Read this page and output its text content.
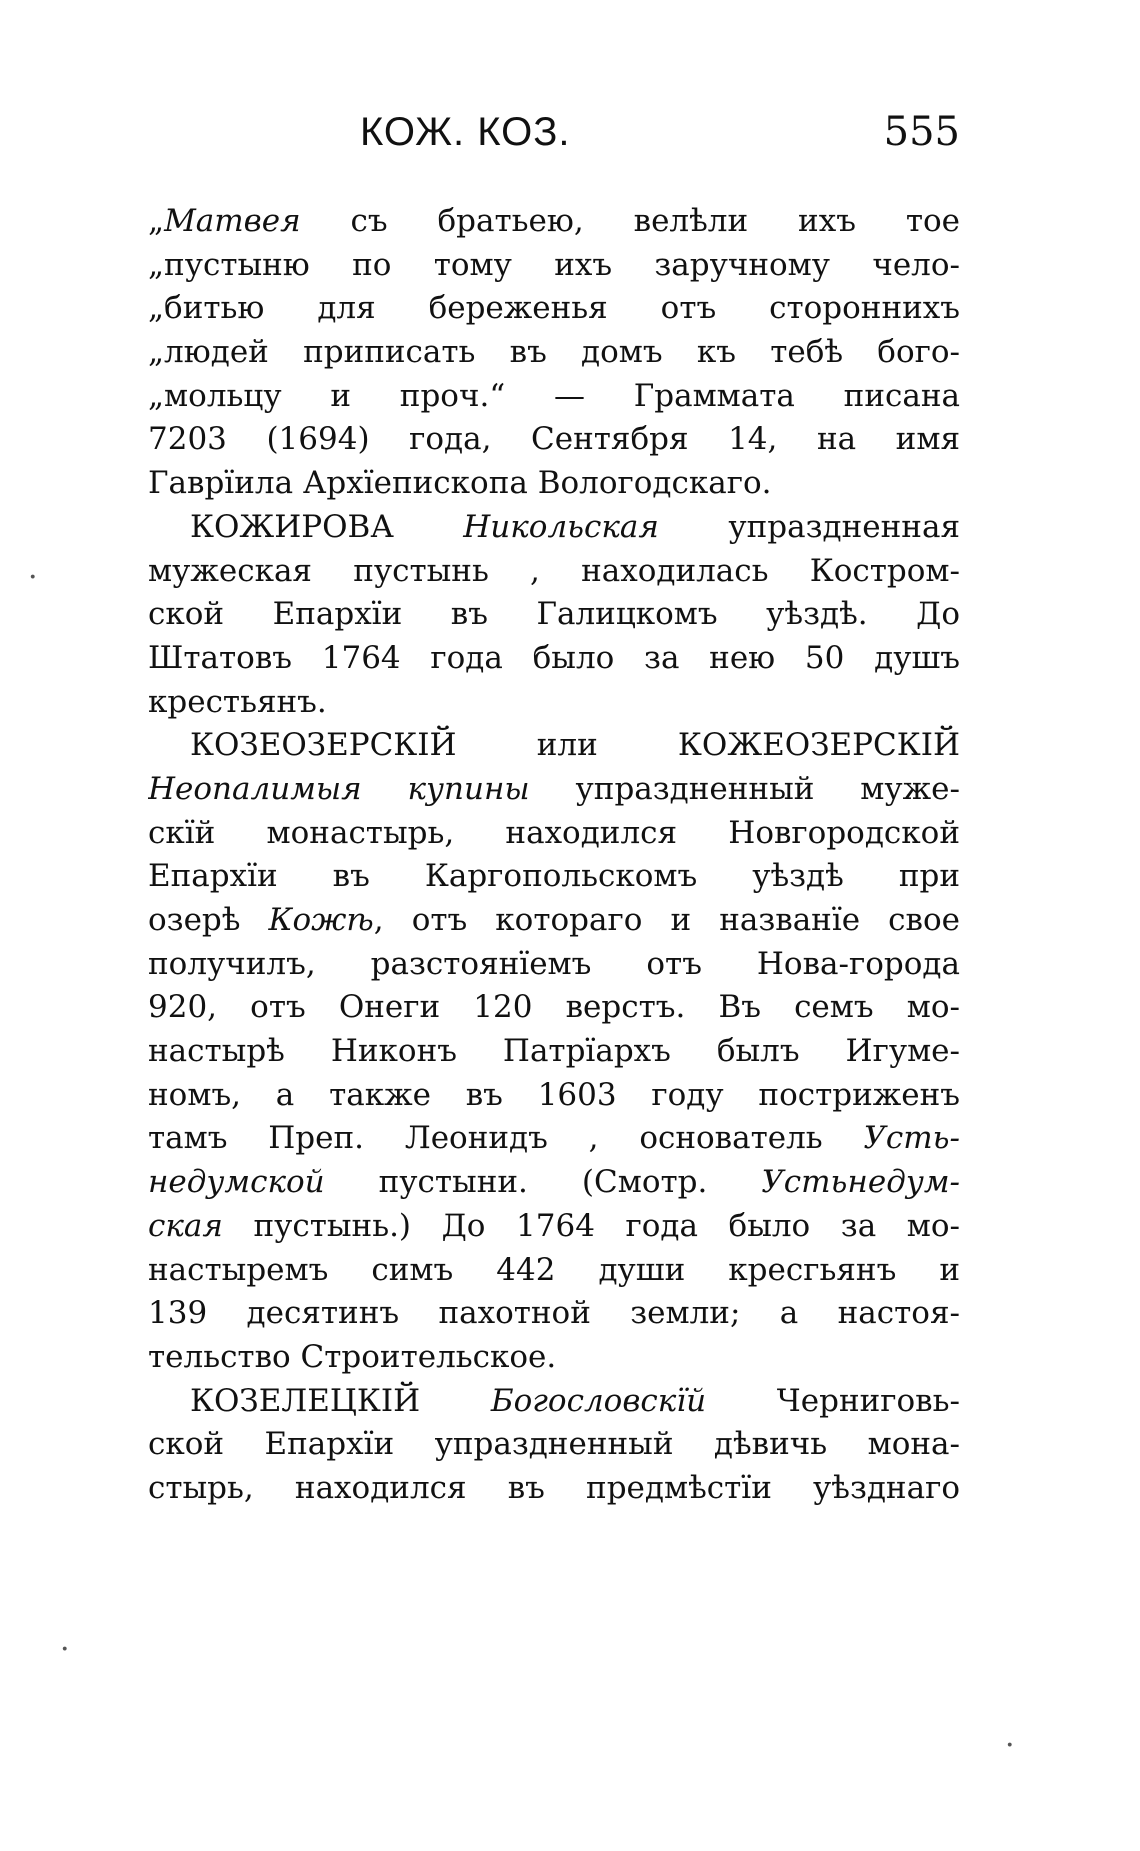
КОЖ. КОЗ.	555
„Матвея съ братьею, велѣли ихъ тое
„пустыню по тому ихъ заручному чело-
„битью для береженья отъ сторонниxъ
„людей приписать въ домъ къ тебѣ бого-
„мольцу и проч.“ — Граммата писана
7203 (1694) года, Сентября 14, на имя
Гаврїила Архїепископа Вологодскаго.
КОЖИРОВА Никольская упраздненная
мужеская пустынь , находилась Костром-
ской Епархїи въ Галицкомъ уѣздѣ. До
Штатовъ 1764 года было за нею 50 душъ
крестьянъ.
КОЗЕОЗЕРСКIЙ или КОЖЕОЗЕРСКIЙ
Неопалимыя купины упраздненный муже-
скїй монастырь, находился Новгородской
Епархїи въ Каргопольскомъ уѣздѣ при
озерѣ Кожѣ, отъ котораго и названїе свое
получилъ, разстоянїемъ отъ Нова-города
920, отъ Онеги 120 верстъ. Въ семъ мо-
настырѣ Никонъ Патрїархъ былъ Игуме-
номъ, а также въ 1603 году постриженъ
тамъ Преп. Леонидъ , основатель Усть-
недумской пустыни. (Смотр. Устьнедум-
ская пустынь.) До 1764 года было за мо-
настыремъ симъ 442 души кресгьянъ и
139 десятинъ пахотной земли; а настоя-
тельство Строительское.
КОЗЕЛЕЦКIЙ Богословскїй Черниговь-
ской Епархїи упраздненный дѣвичь мона-
стырь, находился въ предмѣстїи уѣзднаго
·
·
·
